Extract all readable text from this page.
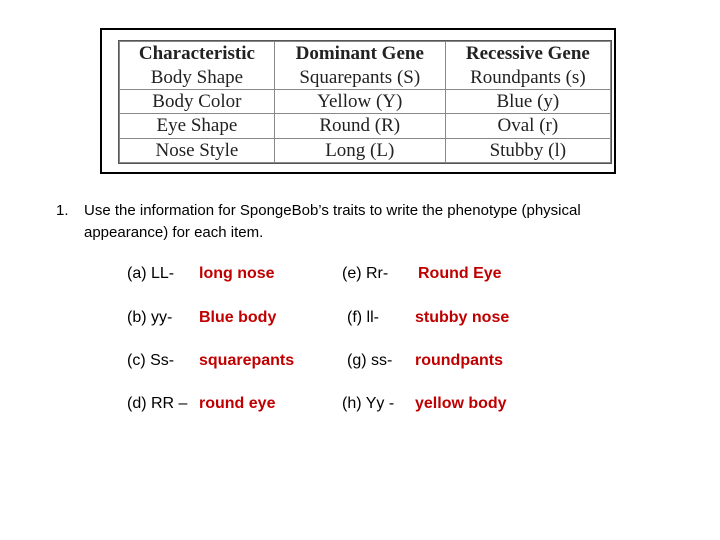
Characteristic	Dominant Gene	Recessive Gene
Body Shape	Squarepants (S)	Roundpants (s)
Body Color	Yellow (Y)	Blue (y)
Eye Shape	Round (R)	Oval (r)
Nose Style	Long (L)	Stubby (l)
1. Use the information for SpongeBob’s traits to write the phenotype (physical appearance) for each item.
(a) LL- long nose
(b) yy- Blue body
(c) Ss- squarepants
(d) RR – round eye
(e) Rr- Round Eye
(f) ll- stubby nose
(g) ss- roundpants
(h) Yy - yellow body
